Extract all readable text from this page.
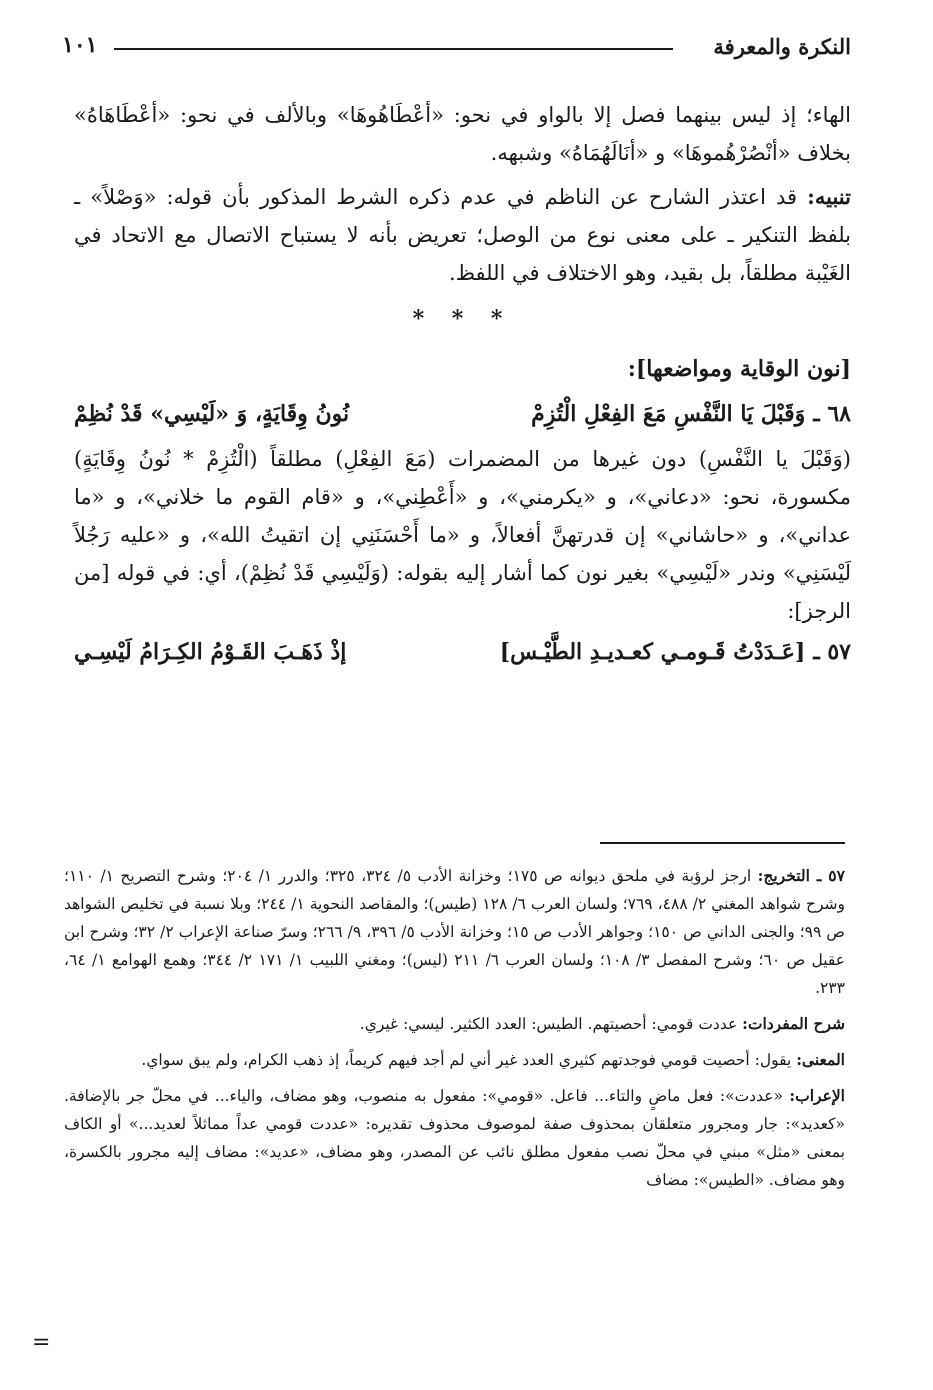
النكرة والمعرفة
١٠١

الهاء؛ إذ ليس بينهما فصل إلا بالواو في نحو: «أعْطَاهُوهَا» وبالألف في نحو: «أعْطَاهَاهُ» بخلاف «أنْصُرْهُموهَا» و «أنَالَهُمَاهُ» وشبهه.

تنبيه: قد اعتذر الشارح عن الناظم في عدم ذكره الشرط المذكور بأن قوله: «وَصْلاً» ـ بلفظ التنكير ـ على معنى نوع من الوصل؛ تعريض بأنه لا يستباح الاتصال مع الاتحاد في الغَيْبة مطلقاً، بل بقيد، وهو الاختلاف في اللفظ.

* * *
[نون الوقاية ومواضعها]:
٦٨ ـ
وَقَبْلَ يَا النَّفْسِ مَعَ الفِعْلِ الْتُزِمْ
نُونُ وِقَايَةٍ، وَ «لَيْسِي» قَدْ نُظِمْ

(وَقَبْلَ يا النَّفْسِ) دون غيرها من المضمرات (مَعَ الفِعْلِ) مطلقاً (الْتُزِمْ * نُونُ وِقَايَةٍ) مكسورة، نحو: «دعاني»، و «يكرمني»، و «أَعْطِني»، و «قام القوم ما خلاني»، و «ما عداني»، و «حاشاني» إن قدرتهنَّ أفعالاً، و «ما أَحْسَنَنِي إن اتقيتُ الله»، و «عليه رَجُلاً لَيْسَنِي» وندر «لَيْسِي» بغير نون كما أشار إليه بقوله: (وَلَيْسِي قَدْ نُظِمْ)، أي: في قوله [من الرجز]:

٥٧ ـ
[عَـدَدْتُ قَـومـي كعـديـدِ الطَّيْـس]
إذْ ذَهَـبَ القَـوْمُ الكِـرَامُ لَيْسِـي

٥٧ ـ التخريج: ارجز لرؤبة في ملحق ديوانه ص ١٧٥؛ وخزانة الأدب ٥/ ٣٢٤، ٣٢٥؛ والدرر ١/ ٢٠٤؛ وشرح التصريح ١/ ١١٠؛ وشرح شواهد المغني ٢/ ٤٨٨، ٧٦٩؛ ولسان العرب ٦/ ١٢٨ (طيس)؛ والمقاصد النحوية ١/ ٢٤٤؛ وبلا نسبة في تخليص الشواهد ص ٩٩؛ والجنى الداني ص ١٥٠؛ وجواهر الأدب ص ١٥؛ وخزانة الأدب ٥/ ٣٩٦، ٩/ ٢٦٦؛ وسرّ صناعة الإعراب ٢/ ٣٢؛ وشرح ابن عقيل ص ٦٠؛ وشرح المفصل ٣/ ١٠٨؛ ولسان العرب ٦/ ٢١١ (ليس)؛ ومغني اللبيب ١/ ١٧١ ٢/ ٣٤٤؛ وهمع الهوامع ١/ ٦٤، ٢٣٣.

شرح المفردات: عددت قومي: أحصيتهم. الطيس: العدد الكثير. ليسي: غيري.

المعنى: يقول: أحصيت قومي فوجدتهم كثيري العدد غير أني لم أجد فيهم كريماً، إذ ذهب الكرام، ولم يبق سواي.

الإعراب: «عددت»: فعل ماضٍ والتاء... فاعل. «قومي»: مفعول به منصوب، وهو مضاف، والياء... في محلّ جر بالإضافة. «كعديد»: جار ومجرور متعلقان بمحذوف صفة لموصوف محذوف تقديره: «عددت قومي عداً مماثلاً لعديد...» أو الكاف بمعنى «مثل» مبني في محلّ نصب مفعول مطلق نائب عن المصدر، وهو مضاف، «عديد»: مضاف إليه مجرور بالكسرة، وهو مضاف. «الطيس»: مضاف

=
